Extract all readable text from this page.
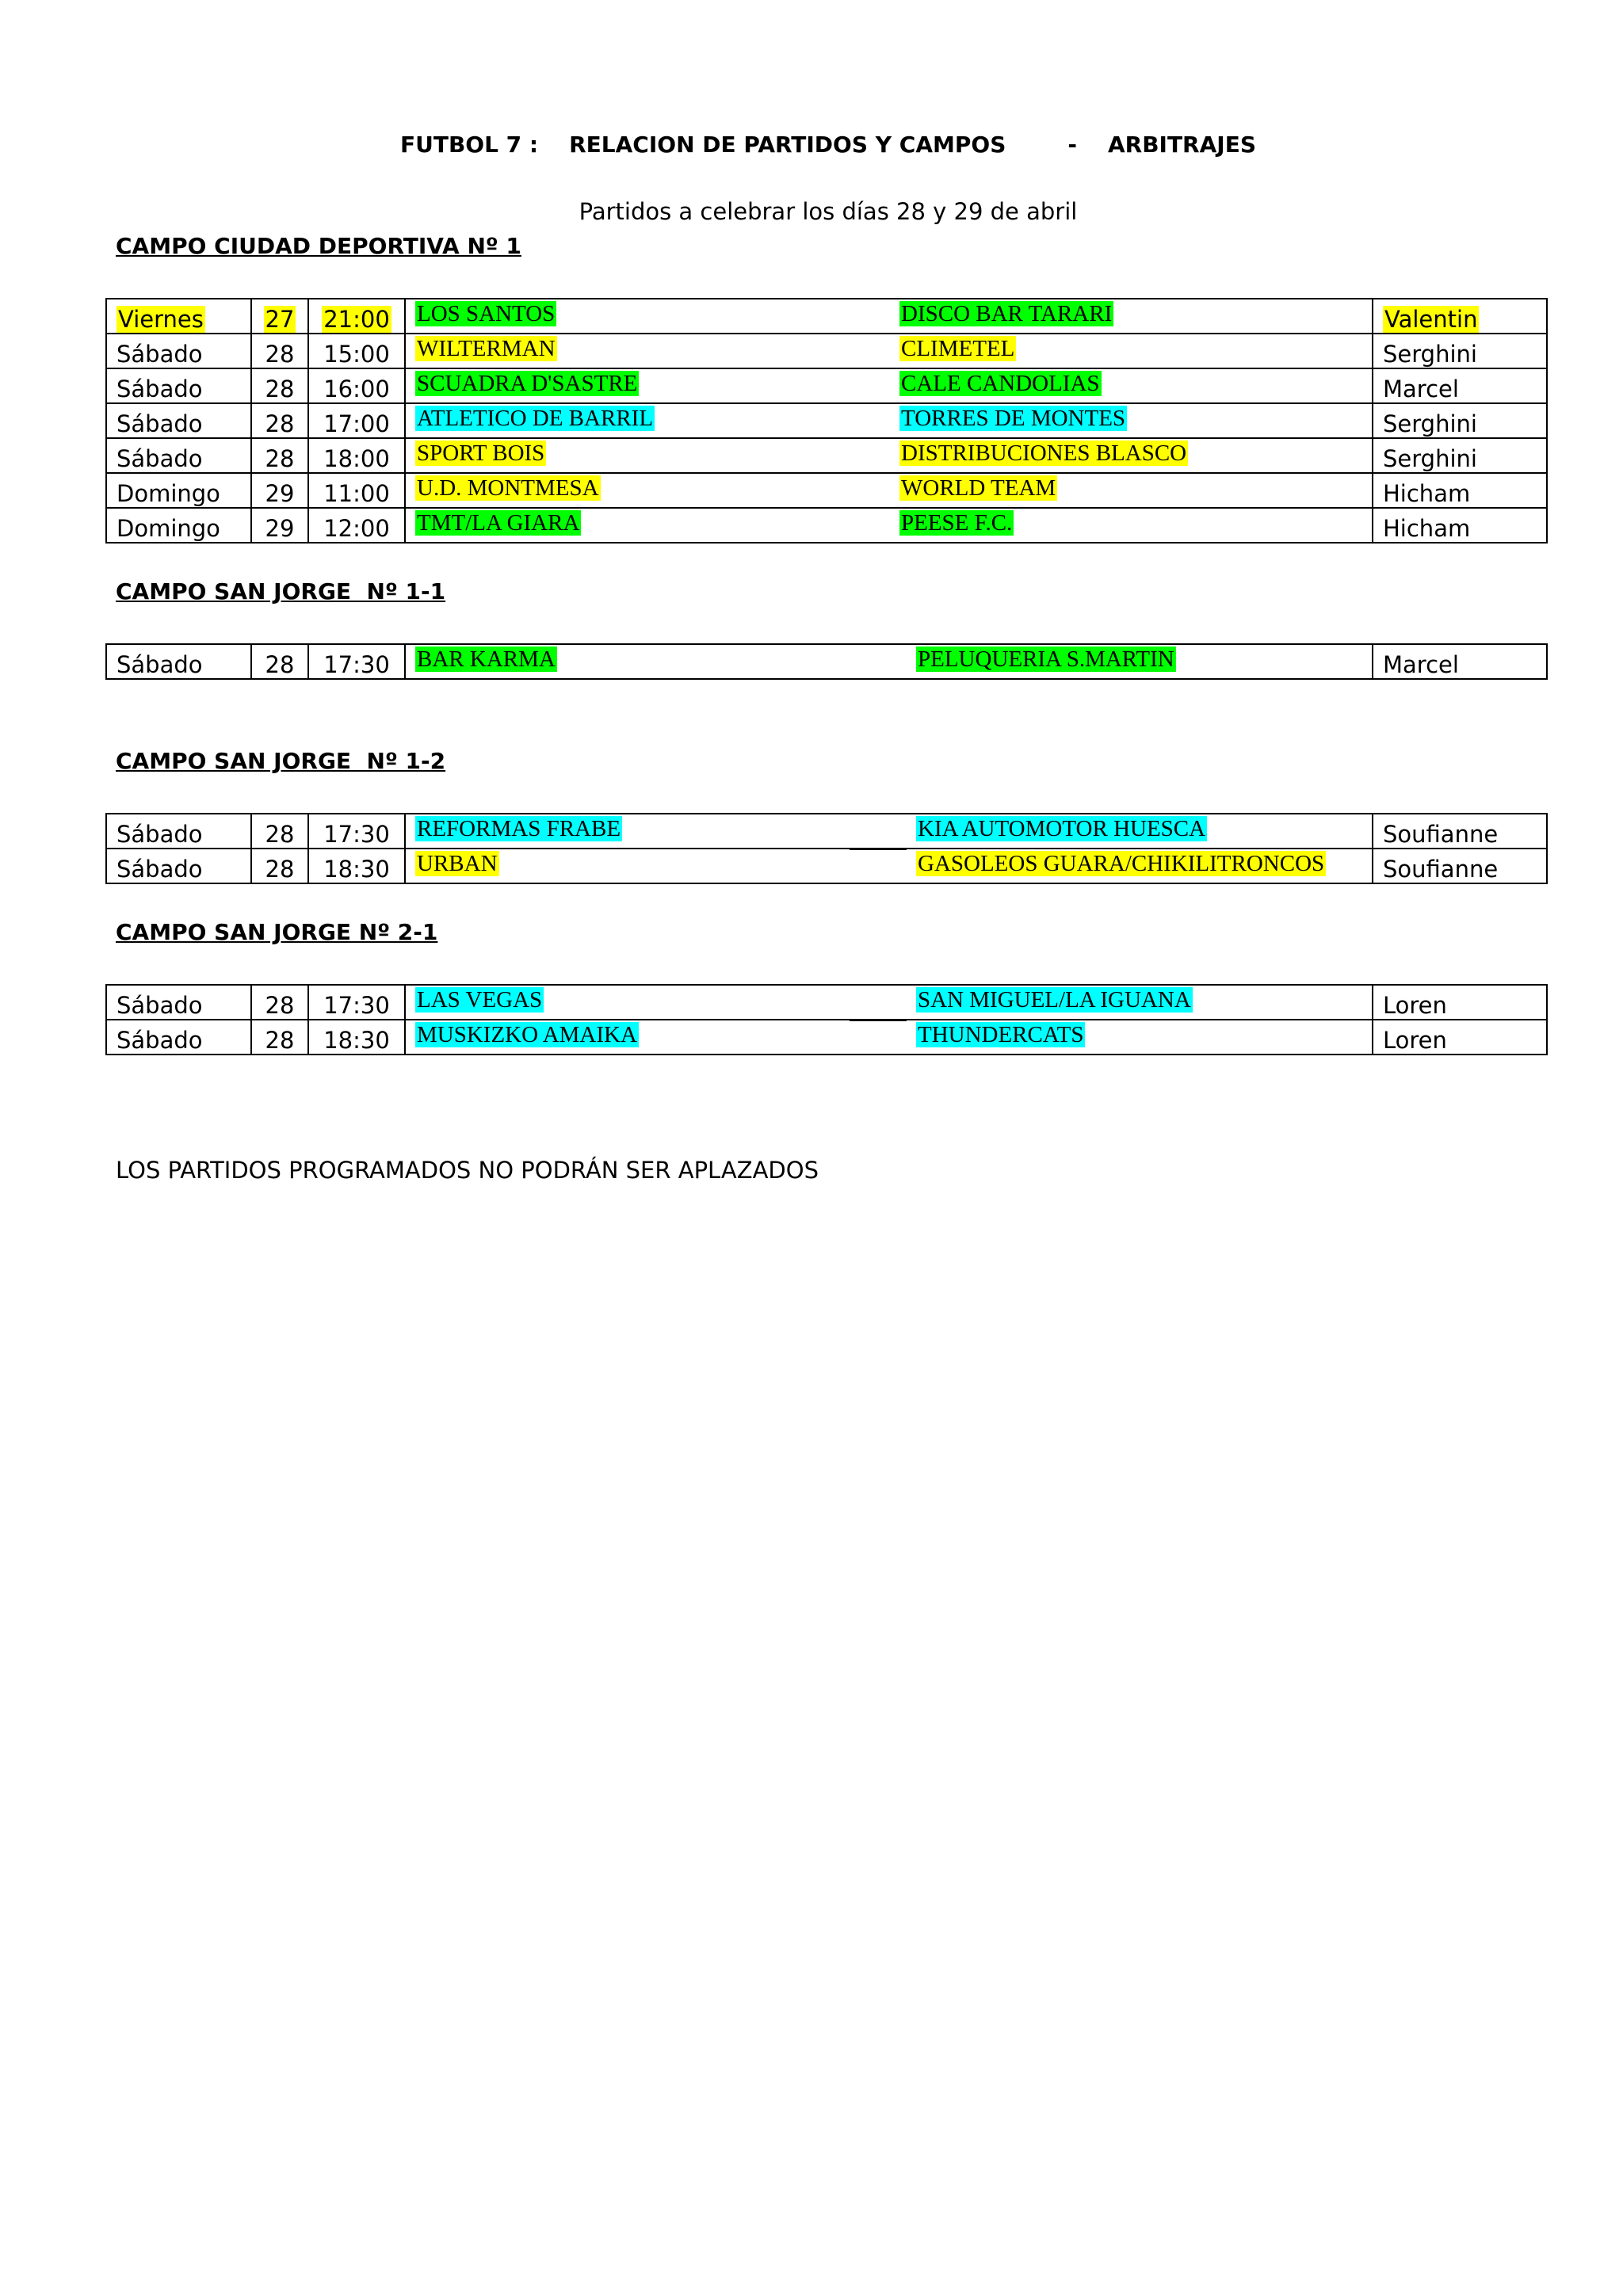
FUTBOL 7 :    RELACION DE PARTIDOS Y CAMPOS        -    ARBITRAJES
Partidos a celebrar los días 28 y 29 de abril
CAMPO CIUDAD DEPORTIVA Nº 1
Viernes	27	21:00	LOS SANTOS	DISCO BAR TARARI	Valentin
Sábado	28	15:00	WILTERMAN	CLIMETEL	Serghini
Sábado	28	16:00	SCUADRA D'SASTRE	CALE CANDOLIAS	Marcel
Sábado	28	17:00	ATLETICO DE BARRIL	TORRES DE MONTES	Serghini
Sábado	28	18:00	SPORT BOIS	DISTRIBUCIONES BLASCO	Serghini
Domingo	29	11:00	U.D. MONTMESA	WORLD TEAM	Hicham
Domingo	29	12:00	TMT/LA GIARA	PEESE F.C.	Hicham
CAMPO SAN JORGE  Nº 1-1
Sábado	28	17:30	BAR KARMA	PELUQUERIA S.MARTIN	Marcel
CAMPO SAN JORGE  Nº 1-2
Sábado	28	17:30	REFORMAS FRABE	KIA AUTOMOTOR HUESCA	Soufianne
Sábado	28	18:30	URBAN	GASOLEOS GUARA/CHIKILITRONCOS	Soufianne
CAMPO SAN JORGE Nº 2-1
Sábado	28	17:30	LAS VEGAS	SAN MIGUEL/LA IGUANA	Loren
Sábado	28	18:30	MUSKIZKO AMAIKA	THUNDERCATS	Loren
LOS PARTIDOS PROGRAMADOS NO PODRÁN SER APLAZADOS
